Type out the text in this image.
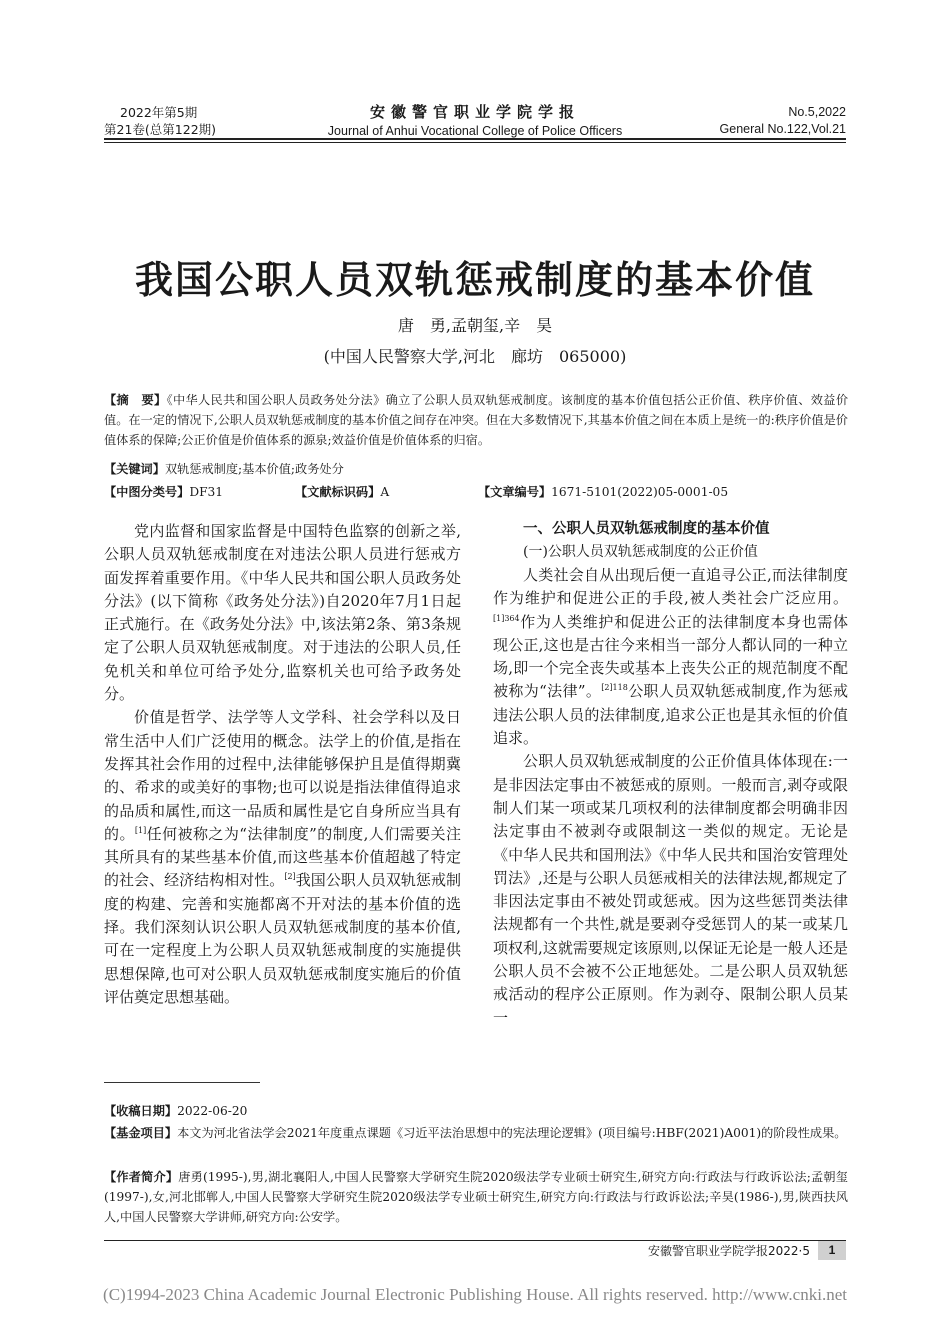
2022年第5期
第21卷(总第122期)
安徽警官职业学院学报
Journal of Anhui Vocational College of Police Officers
No.5,2022
General No.122,Vol.21
我国公职人员双轨惩戒制度的基本价值
唐　勇,孟朝玺,辛　昊
(中国人民警察大学,河北　廊坊　065000)
【摘　要】《中华人民共和国公职人员政务处分法》确立了公职人员双轨惩戒制度。该制度的基本价值包括公正价值、秩序价值、效益价值。在一定的情况下,公职人员双轨惩戒制度的基本价值之间存在冲突。但在大多数情况下,其基本价值之间在本质上是统一的:秩序价值是价值体系的保障;公正价值是价值体系的源泉;效益价值是价值体系的归宿。
【关键词】双轨惩戒制度;基本价值;政务处分
【中图分类号】DF31	【文献标识码】A	【文章编号】1671-5101(2022)05-0001-05

党内监督和国家监督是中国特色监察的创新之举,公职人员双轨惩戒制度在对违法公职人员进行惩戒方面发挥着重要作用。《中华人民共和国公职人员政务处分法》(以下简称《政务处分法》)自2020年7月1日起正式施行。在《政务处分法》中,该法第2条、第3条规定了公职人员双轨惩戒制度。对于违法的公职人员,任免机关和单位可给予处分,监察机关也可给予政务处分。

价值是哲学、法学等人文学科、社会学科以及日常生活中人们广泛使用的概念。法学上的价值,是指在发挥其社会作用的过程中,法律能够保护且是值得期冀的、希求的或美好的事物;也可以说是指法律值得追求的品质和属性,而这一品质和属性是它自身所应当具有的。[1]任何被称之为“法律制度”的制度,人们需要关注其所具有的某些基本价值,而这些基本价值超越了特定的社会、经济结构相对性。[2]我国公职人员双轨惩戒制度的构建、完善和实施都离不开对法的基本价值的选择。我们深刻认识公职人员双轨惩戒制度的基本价值,可在一定程度上为公职人员双轨惩戒制度的实施提供思想保障,也可对公职人员双轨惩戒制度实施后的价值评估奠定思想基础。

一、公职人员双轨惩戒制度的基本价值
(一)公职人员双轨惩戒制度的公正价值

人类社会自从出现后便一直追寻公正,而法律制度作为维护和促进公正的手段,被人类社会广泛应用。$^{[1]364}$作为人类维护和促进公正的法律制度本身也需体现公正,这也是古往今来相当一部分人都认同的一种立场,即一个完全丧失或基本上丧失公正的规范制度不配被称为“法律”。$^{[2]118}$公职人员双轨惩戒制度,作为惩戒违法公职人员的法律制度,追求公正也是其永恒的价值追求。

公职人员双轨惩戒制度的公正价值具体体现在:一是非因法定事由不被惩戒的原则。一般而言,剥夺或限制人们某一项或某几项权利的法律制度都会明确非因法定事由不被剥夺或限制这一类似的规定。无论是《中华人民共和国刑法》《中华人民共和国治安管理处罚法》,还是与公职人员惩戒相关的法律法规,都规定了非因法定事由不被处罚或惩戒。因为这些惩罚类法律法规都有一个共性,就是要剥夺受惩罚人的某一或某几项权利,这就需要规定该原则,以保证无论是一般人还是公职人员不会被不公正地惩处。二是公职人员双轨惩戒活动的程序公正原则。作为剥夺、限制公职人员某一

【收稿日期】2022-06-20
【基金项目】本文为河北省法学会2021年度重点课题《习近平法治思想中的宪法理论逻辑》(项目编号:HBF(2021)A001)的阶段性成果。
【作者简介】唐勇(1995-),男,湖北襄阳人,中国人民警察大学研究生院2020级法学专业硕士研究生,研究方向:行政法与行政诉讼法;孟朝玺(1997-),女,河北邯郸人,中国人民警察大学研究生院2020级法学专业硕士研究生,研究方向:行政法与行政诉讼法;辛昊(1986-),男,陕西扶风人,中国人民警察大学讲师,研究方向:公安学。
安徽警官职业学院学报2022·5	1
(C)1994-2023 China Academic Journal Electronic Publishing House. All rights reserved. http://www.cnki.net
